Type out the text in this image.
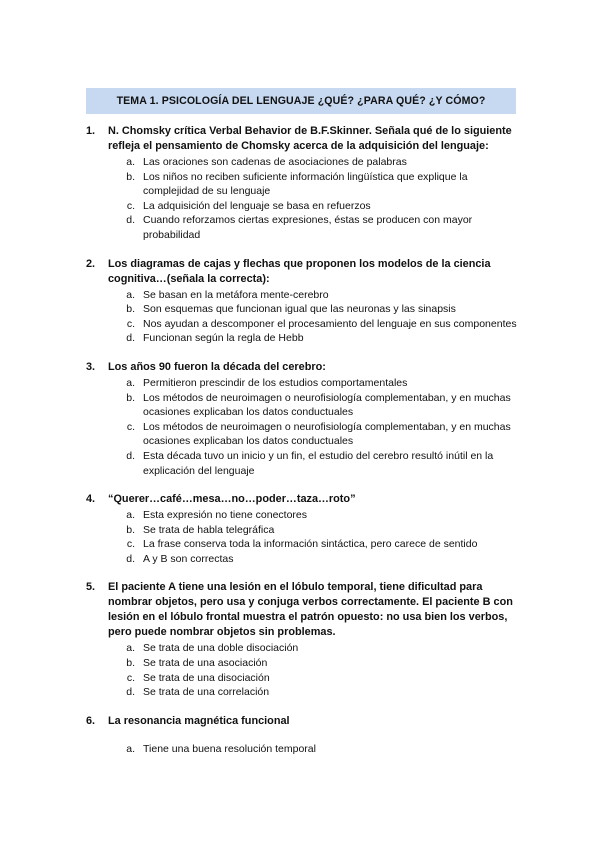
TEMA 1. PSICOLOGÍA DEL LENGUAJE ¿QUÉ? ¿PARA QUÉ? ¿Y CÓMO?
1.	N. Chomsky crítica Verbal Behavior de B.F.Skinner. Señala qué de lo siguiente refleja el pensamiento de Chomsky acerca de la adquisición del lenguaje:
a. Las oraciones son cadenas de asociaciones de palabras
b. Los niños no reciben suficiente información lingüística que explique la complejidad de su lenguaje
c. La adquisición del lenguaje se basa en refuerzos
d. Cuando reforzamos ciertas expresiones, éstas se producen con mayor probabilidad
2.	Los diagramas de cajas y flechas que proponen los modelos de la ciencia cognitiva…(señala la correcta):
a. Se basan en la metáfora mente-cerebro
b. Son esquemas que funcionan igual que las neuronas y las sinapsis
c. Nos ayudan a descomponer el procesamiento del lenguaje en sus componentes
d. Funcionan según la regla de Hebb
3.	Los años 90 fueron la década del cerebro:
a. Permitieron prescindir de los estudios comportamentales
b. Los métodos de neuroimagen o neurofisiología complementaban, y en muchas ocasiones explicaban los datos conductuales
c. Los métodos de neuroimagen o neurofisiología complementaban, y en muchas ocasiones explicaban los datos conductuales
d. Esta década tuvo un inicio y un fin, el estudio del cerebro resultó inútil en la explicación del lenguaje
4.	“Querer…café…mesa…no…poder…taza…roto”
a. Esta expresión no tiene conectores
b. Se trata de habla telegráfica
c. La frase conserva toda la información sintáctica, pero carece de sentido
d. A y B son correctas
5.	El paciente A tiene una lesión en el lóbulo temporal, tiene dificultad para nombrar objetos, pero usa y conjuga verbos correctamente. El paciente B con lesión en el lóbulo frontal muestra el patrón opuesto: no usa bien los verbos, pero puede nombrar objetos sin problemas.
a. Se trata de una doble disociación
b. Se trata de una asociación
c. Se trata de una disociación
d. Se trata de una correlación
6.	La resonancia magnética funcional
a. Tiene una buena resolución temporal
